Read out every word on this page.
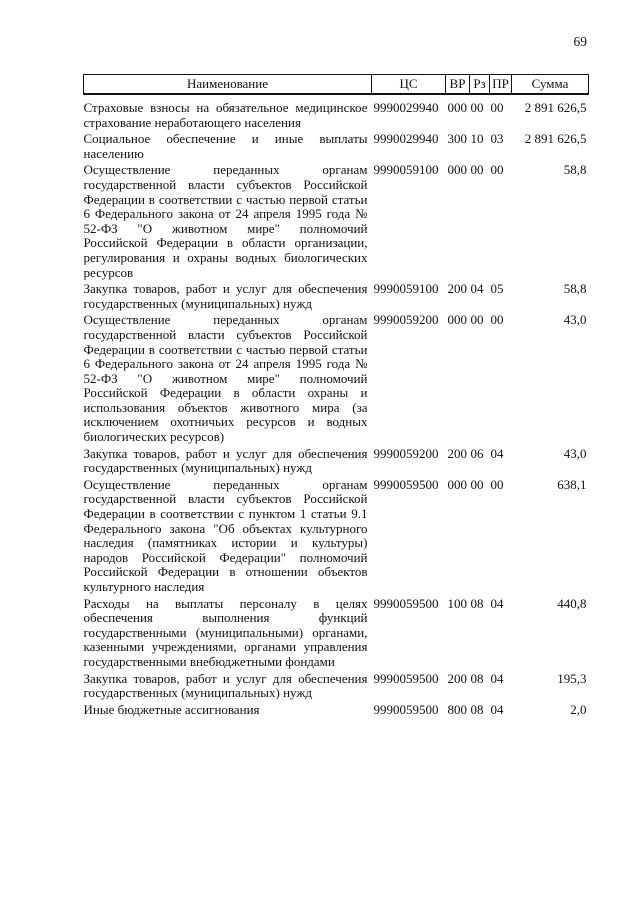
69
Наименование	ЦС	ВР	Рз	ПР	Сумма
Страховые взносы на обязательное медицинское страхование неработающего населения	9990029940	000	00	00	2 891 626,5
Социальное обеспечение и иные выплаты населению	9990029940	300	10	03	2 891 626,5
Осуществление переданных органам государственной власти субъектов Российской Федерации в соответствии с частью первой статьи 6 Федерального закона от 24 апреля 1995 года № 52-ФЗ "О животном мире" полномочий Российской Федерации в области организации, регулирования и охраны водных биологических ресурсов	9990059100	000	00	00	58,8
Закупка товаров, работ и услуг для обеспечения государственных (муниципальных) нужд	9990059100	200	04	05	58,8
Осуществление переданных органам государственной власти субъектов Российской Федерации в соответствии с частью первой статьи 6 Федерального закона от 24 апреля 1995 года № 52-ФЗ "О животном мире" полномочий Российской Федерации в области охраны и использования объектов животного мира (за исключением охотничьих ресурсов и водных биологических ресурсов)	9990059200	000	00	00	43,0
Закупка товаров, работ и услуг для обеспечения государственных (муниципальных) нужд	9990059200	200	06	04	43,0
Осуществление переданных органам государственной власти субъектов Российской Федерации в соответствии с пунктом 1 статьи 9.1 Федерального закона "Об объектах культурного наследия (памятниках истории и культуры) народов Российской Федерации" полномочий Российской Федерации в отношении объектов культурного наследия	9990059500	000	00	00	638,1
Расходы на выплаты персоналу в целях обеспечения выполнения функций государственными (муниципальными) органами, казенными учреждениями, органами управления государственными внебюджетными фондами	9990059500	100	08	04	440,8
Закупка товаров, работ и услуг для обеспечения государственных (муниципальных) нужд	9990059500	200	08	04	195,3
Иные бюджетные ассигнования	9990059500	800	08	04	2,0
